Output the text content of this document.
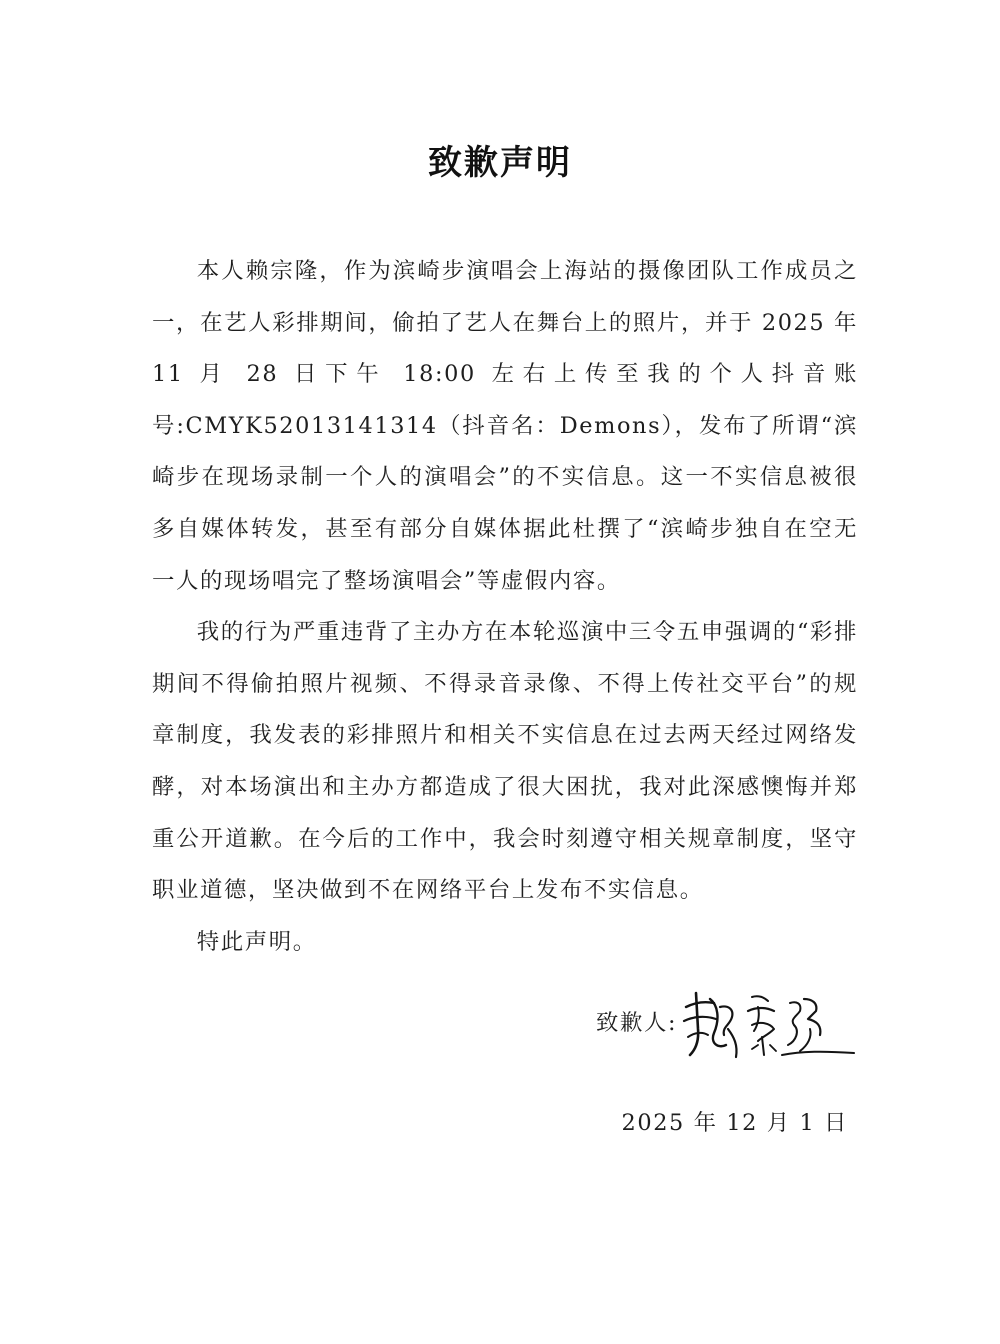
致歉声明

本人赖宗隆，作为滨崎步演唱会上海站的摄像团队工作成员之一，在艺人彩排期间，偷拍了艺人在舞台上的照片，并于 2025 年 11 月 28 日下午 18:00 左右上传至我的个人抖音账号:CMYK52013141314（抖音名：Demons），发布了所谓“滨崎步在现场录制一个人的演唱会”的不实信息。这一不实信息被很多自媒体转发，甚至有部分自媒体据此杜撰了“滨崎步独自在空无一人的现场唱完了整场演唱会”等虚假内容。

我的行为严重违背了主办方在本轮巡演中三令五申强调的“彩排期间不得偷拍照片视频、不得录音录像、不得上传社交平台”的规章制度，我发表的彩排照片和相关不实信息在过去两天经过网络发酵，对本场演出和主办方都造成了很大困扰，我对此深感懊悔并郑重公开道歉。在今后的工作中，我会时刻遵守相关规章制度，坚守职业道德，坚决做到不在网络平台上发布不实信息。

特此声明。

致歉人:
2025 年 12 月 1 日
